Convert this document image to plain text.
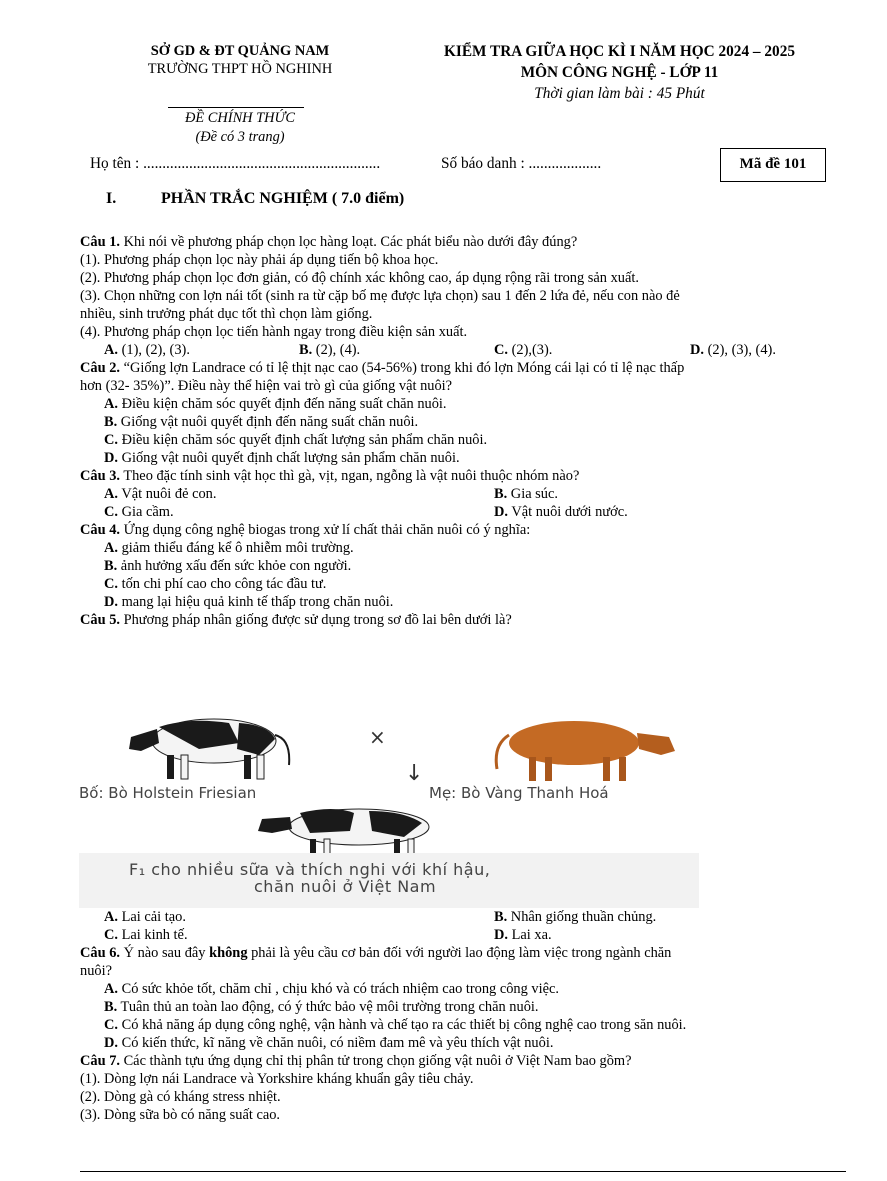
SỞ GD & ĐT QUẢNG NAM
TRƯỜNG THPT HỒ NGHINH
KIỂM TRA GIỮA HỌC KÌ I NĂM HỌC 2024 – 2025
MÔN CÔNG NGHỆ - LỚP 11
Thời gian làm bài : 45 Phút
ĐỀ CHÍNH THỨC
(Đề có 3 trang)
Họ tên : ..............................................................	Số báo danh : ...................	Mã đề 101
I.	PHẦN TRẮC NGHIỆM ( 7.0 điểm)
Câu 1. Khi nói về phương pháp chọn lọc hàng loạt. Các phát biểu nào dưới đây đúng?
(1). Phương pháp chọn lọc này phải áp dụng tiến bộ khoa học.
(2). Phương pháp chọn lọc đơn giản, có độ chính xác không cao, áp dụng rộng rãi trong sản xuất.
(3). Chọn những con lợn nái tốt (sinh ra từ cặp bố mẹ được lựa chọn) sau 1 đến 2 lứa đẻ, nếu con nào đẻ
nhiều, sinh trưởng phát dục tốt thì chọn làm giống.
(4). Phương pháp chọn lọc tiến hành ngay trong điều kiện sản xuất.
A. (1), (2), (3).	B. (2), (4).	C. (2),(3).	D. (2), (3), (4).
Câu 2. “Giống lợn Landrace có tỉ lệ thịt nạc cao (54-56%) trong khi đó lợn Móng cái lại có tỉ lệ nạc thấp
hơn (32- 35%)”. Điều này thể hiện vai trò gì của giống vật nuôi?
A. Điều kiện chăm sóc quyết định đến năng suất chăn nuôi.
B. Giống vật nuôi quyết định đến năng suất chăn nuôi.
C. Điều kiện chăm sóc quyết định chất lượng sản phẩm chăn nuôi.
D. Giống vật nuôi quyết định chất lượng sản phẩm chăn nuôi.
Câu 3. Theo đặc tính sinh vật học thì gà, vịt, ngan, ngỗng là vật nuôi thuộc nhóm nào?
A. Vật nuôi đẻ con.	B. Gia súc.
C. Gia cầm.	D. Vật nuôi dưới nước.
Câu 4. Ứng dụng công nghệ biogas trong xử lí chất thải chăn nuôi có ý nghĩa:
A. giảm thiểu đáng kể ô nhiễm môi trường.
B. ảnh hưởng xấu đến sức khỏe con người.
C. tốn chi phí cao cho công tác đầu tư.
D. mang lại hiệu quả kinh tế thấp trong chăn nuôi.
Câu 5. Phương pháp nhân giống được sử dụng trong sơ đồ lai bên dưới là?
×
↓
Bố: Bò Holstein Friesian	Mẹ: Bò Vàng Thanh Hoá
F₁ cho nhiều sữa và thích nghi với khí hậu,
chăn nuôi ở Việt Nam
A. Lai cải tạo.	B. Nhân giống thuần chủng.
C. Lai kinh tế.	D. Lai xa.
Câu 6. Ý nào sau đây không phải là yêu cầu cơ bản đối với người lao động làm việc trong ngành chăn
nuôi?
A. Có sức khỏe tốt, chăm chỉ , chịu khó và có trách nhiệm cao trong công việc.
B. Tuân thủ an toàn lao động, có ý thức bảo vệ môi trường trong chăn nuôi.
C. Có khả năng áp dụng công nghệ, vận hành và chế tạo ra các thiết bị công nghệ cao trong săn nuôi.
D. Có kiến thức, kĩ năng về chăn nuôi, có niềm đam mê và yêu thích vật nuôi.
Câu 7. Các thành tựu ứng dụng chỉ thị phân tử trong chọn giống vật nuôi ở Việt Nam bao gồm?
(1). Dòng lợn nái Landrace và Yorkshire kháng khuẩn gây tiêu chảy.
(2). Dòng gà có kháng stress nhiệt.
(3). Dòng sữa bò có năng suất cao.
